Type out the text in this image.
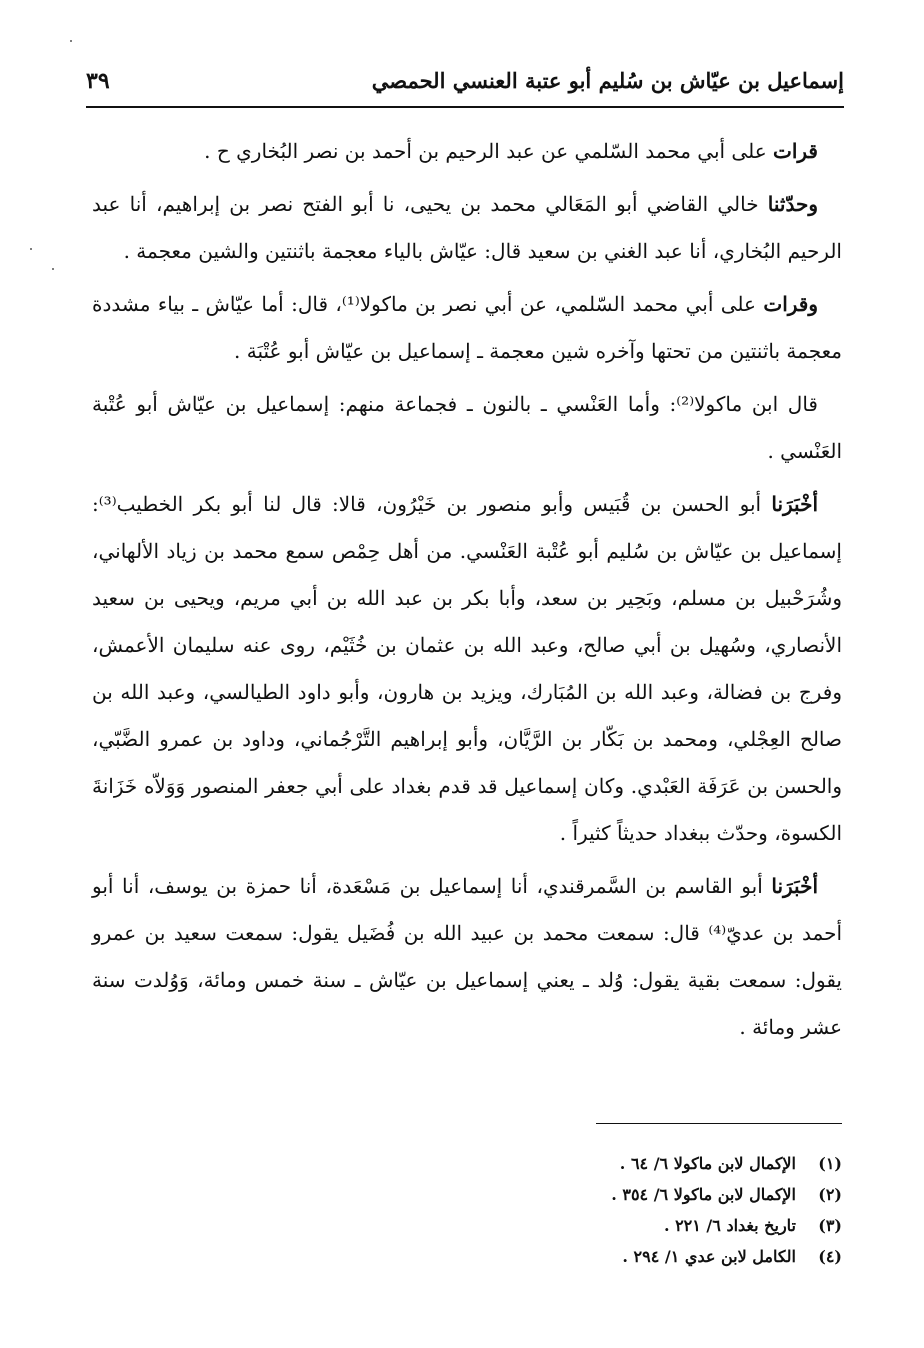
إسماعيل بن عيّاش بن سُليم أبو عتبة العنسي الحمصي
٣٩

قرات على أبي محمد السّلمي عن عبد الرحيم بن أحمد بن نصر البُخاري ح .

وحدّثنا خالي القاضي أبو المَعَالي محمد بن يحيى، نا أبو الفتح نصر بن إبراهيم، أنا عبد الرحيم البُخاري، أنا عبد الغني بن سعيد قال: عيّاش بالياء معجمة باثنتين والشين معجمة .

وقرات على أبي محمد السّلمي، عن أبي نصر بن ماكولا⁽¹⁾، قال: أما عيّاش ـ بياء مشددة معجمة باثنتين من تحتها وآخره شين معجمة ـ إسماعيل بن عيّاش أبو عُتْبَة .

قال ابن ماكولا⁽²⁾: وأما العَنْسي ـ بالنون ـ فجماعة منهم: إسماعيل بن عيّاش أبو عُتْبة العَنْسي .

أخْبَرَنا أبو الحسن بن قُبَيس وأبو منصور بن خَيْرُون، قالا: قال لنا أبو بكر الخطيب⁽³⁾: إسماعيل بن عيّاش بن سُليم أبو عُتْبة العَنْسي. من أهل حِمْص سمع محمد بن زياد الألهاني، وشُرَحْبيل بن مسلم، وبَحِير بن سعد، وأبا بكر بن عبد الله بن أبي مريم، ويحيى بن سعيد الأنصاري، وسُهيل بن أبي صالح، وعبد الله بن عثمان بن خُثَيْم، روى عنه سليمان الأعمش، وفرج بن فضالة، وعبد الله بن المُبَارك، ويزيد بن هارون، وأبو داود الطيالسي، وعبد الله بن صالح العِجْلي، ومحمد بن بَكّار بن الرَّيَّان، وأبو إبراهيم التَّرْجُماني، وداود بن عمرو الضَّبّي، والحسن بن عَرَفَة العَبْدي. وكان إسماعيل قد قدم بغداد على أبي جعفر المنصور وَوَلاّه خَزَانةَ الكسوة، وحدّث ببغداد حديثاً كثيراً .

أخْبَرَنا أبو القاسم بن السَّمرقندي، أنا إسماعيل بن مَسْعَدة، أنا حمزة بن يوسف، أنا أبو أحمد بن عديّ⁽⁴⁾ قال: سمعت محمد بن عبيد الله بن فُضَيل يقول: سمعت سعيد بن عمرو يقول: سمعت بقية يقول: وُلد ـ يعني إسماعيل بن عيّاش ـ سنة خمس ومائة، وَوُلدت سنة عشر ومائة .

(١)
الإكمال لابن ماكولا ٦/ ٦٤ .
(٢)
الإكمال لابن ماكولا ٦/ ٣٥٤ .
(٣)
تاريخ بغداد ٦/ ٢٢١ .
(٤)
الكامل لابن عدي ١/ ٢٩٤ .
